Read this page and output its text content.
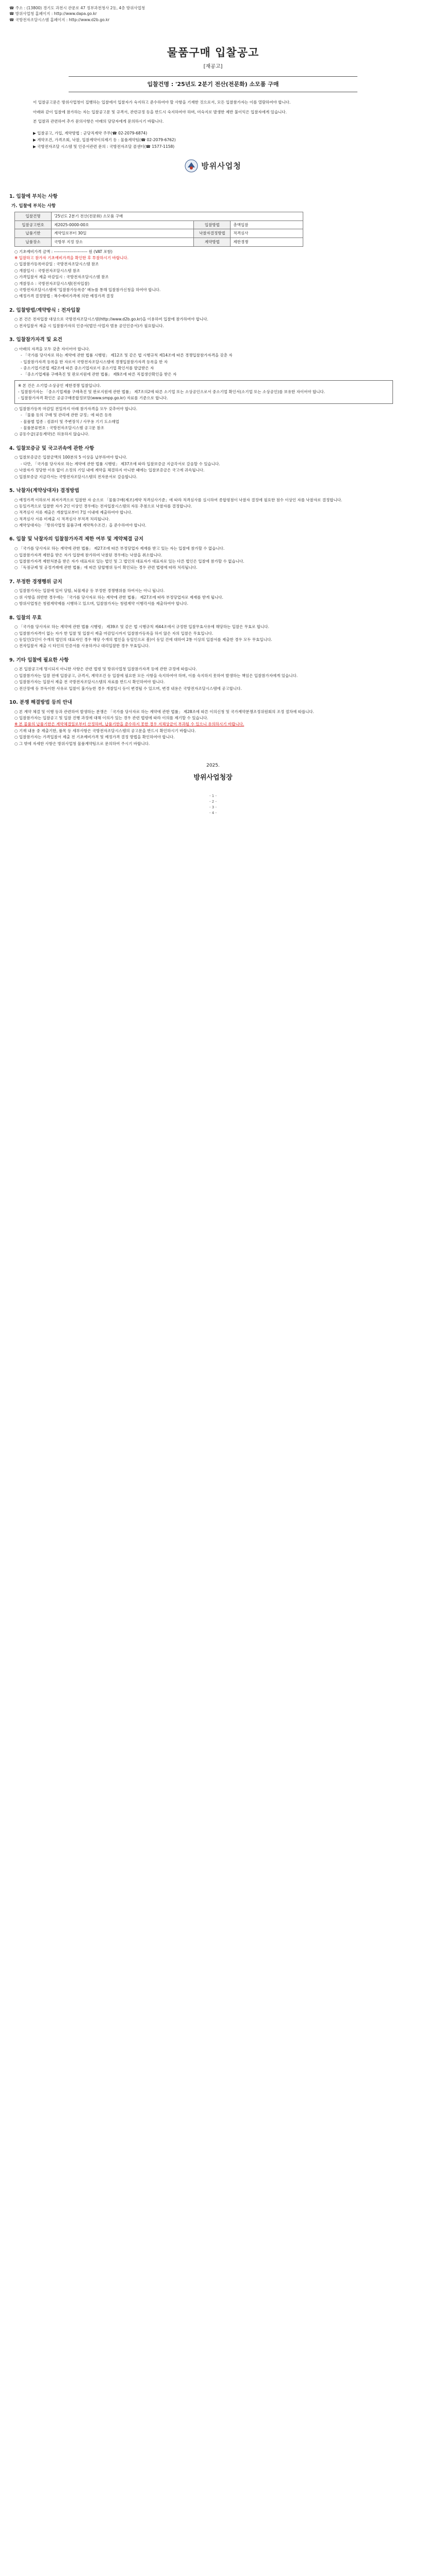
☎ 주소 : (13800) 경기도 과천시 관문로 47 정부과천청사 2동, 4층 방위사업청
☎ 방위사업청 홈페이지 : http://www.dapa.go.kr
☎ 국방전자조달시스템 홈페이지 : http://www.d2b.go.kr
물품구매 입찰공고
[재공고]
입찰건명 : '25년도 2분기 전산(전문화) 소모품 구매

이 입찰공고문은 방위사업청이 집행하는 입찰에서 입찰자가 숙지하고 준수하여야 할 사항을 기재한 것으로서, 모든 입찰참가자는 이를 열람하여야 합니다.

아래와 같이 입찰에 참가하는 자는 입찰공고문 및 규격서, 관련규정 등을 반드시 숙지하여야 하며, 미숙지로 발생한 제반 불이익은 입찰자에게 있습니다.

본 입찰과 관련하여 추가 문의사항은 아래의 담당자에게 문의하시기 바랍니다.

▶ 입찰공고, 가입, 계약방법 : 군당직계약 주무(☎ 02-2079-6874)
▶ 계약조건, 가격조회, 낙찰, 입찰계약이의제기 등 : 물품계약팀(☎ 02-2079-6762)
▶ 국방전자조달 시스템 및 인증서관련 문의 : 국방전자조달 콜센터(☎ 1577-1158)
방위사업청
1. 입찰에 부치는 사항
가. 입찰에 부치는 사항
입찰건명	'25년도 2분기 전산(전문화) 소모품 구매		
입찰공고번호	제2025-0000-00호	입찰방법	총액입찰
납품기한	계약일로부터 30일	낙찰자결정방법	적격심사
납품장소	국방부 지정 장소	계약방법	제한경쟁
○ 기초예비가격 금액 : ------------------------ 원 (VAT 포함)
※ 입찰하고 참가자 기초예비가격을 확인한 후 투찰하시기 바랍니다.
○ 입찰참가등록마감일 : 국방전자조달시스템 참조
○ 개찰일시 : 국방전자조달시스템 참조
○ 가격입찰서 제출 마감일시 : 국방전자조달시스템 참조
○ 개찰장소 : 국방전자조달시스템(전자입찰)
○ 국방전자조달시스템에 '입찰참가등록증' 메뉴를 통해 입찰참가신청을 하여야 합니다.
○ 예정가격 결정방법 : 복수예비가격에 의한 예정가격 결정
2. 입찰방법/계약방식 : 전자입찰
○ 본 건은 전자입찰 대상으로 국방전자조달시스템(http://www.d2b.go.kr)을 이용하여 입찰에 참가하여야 합니다.
○ 전자입찰서 제출 시 입찰참가자의 인증서(법인·사업자 범용 공인인증서)가 필요합니다.
3. 입찰참가자격 및 요건
○ 아래의 자격을 모두 갖춘 자이어야 합니다.
- 「국가를 당사자로 하는 계약에 관한 법률 시행령」 제12조 및 같은 법 시행규칙 제14조에 따른 경쟁입찰참가자격을 갖춘 자
- 입찰참가자격 등록을 한 자로서 국방전자조달시스템에 경쟁입찰참가자격 등록을 한 자
- 중소기업기본법 제2조에 따른 중소기업자로서 중소기업 확인서를 발급받은 자
- 「중소기업제품 구매촉진 및 판로지원에 관한 법률」 제9조에 따른 직접생산확인을 받은 자
※ 본 건은 소기업·소상공인 제한경쟁 입찰입니다.
- 입찰참가자는 「중소기업제품 구매촉진 및 판로지원에 관한 법률」 제7조의2에 따른 소기업 또는 소상공인으로서 중소기업 확인서(소기업 또는 소상공인)를 보유한 자이어야 합니다.
- 입찰참가자격 확인은 공공구매종합정보망(www.smpp.go.kr) 자료를 기준으로 합니다.
○ 입찰참가등록 마감일 전일까지 아래 참가자격을 모두 갖추어야 합니다.
- 「물품 등의 구매 및 관리에 관한 규정」에 따른 등록
- 물품별 업종 : 컴퓨터 및 주변장치 / 사무용 기기 도소매업
- 물품분류번호 : 국방전자조달시스템 공고문 참조
○ 공동수급(공동계약)은 허용하지 않습니다.
4. 입찰보증금 및 국고귀속에 관한 사항
○ 입찰보증금은 입찰금액의 100분의 5 이상을 납부하여야 합니다.
- 다만, 「국가를 당사자로 하는 계약에 관한 법률 시행령」 제37조에 따라 입찰보증금 지급각서로 갈음할 수 있습니다.
○ 낙찰자가 정당한 이유 없이 소정의 기일 내에 계약을 체결하지 아니한 때에는 입찰보증금은 국고에 귀속됩니다.
○ 입찰보증금 지급각서는 국방전자조달시스템의 전자문서로 갈음합니다.
5. 낙찰자(계약상대자) 결정방법
○ 예정가격 이하로서 최저가격으로 입찰한 자 순으로 「물품구매(제조)계약 적격심사기준」에 따라 적격심사를 실시하여 종합평점이 낙찰자 결정에 필요한 점수 이상인 자를 낙찰자로 결정합니다.
○ 동일가격으로 입찰한 자가 2인 이상인 경우에는 전자입찰시스템의 자동 추첨으로 낙찰자를 결정합니다.
○ 적격심사 서류 제출은 개찰일로부터 7일 이내에 제출하여야 합니다.
○ 적격심사 서류 미제출 시 적격심사 부적격 처리됩니다.
○ 계약상대자는 「방위사업청 물품구매 계약특수조건」을 준수하여야 합니다.
6. 입찰 및 낙찰자의 입찰참가자격 제한 여부 및 계약체결 금지
○ 「국가를 당사자로 하는 계약에 관한 법률」 제27조에 따른 부정당업자 제재를 받고 있는 자는 입찰에 참가할 수 없습니다.
○ 입찰참가자격 제한을 받은 자가 입찰에 참가하여 낙찰된 경우에는 낙찰을 취소합니다.
○ 입찰참가자격 제한처분을 받은 자가 대표자로 있는 법인 및 그 법인의 대표자가 대표자로 있는 다른 법인은 입찰에 참가할 수 없습니다.
○ 「독점규제 및 공정거래에 관한 법률」에 따른 담합행위 등이 확인되는 경우 관련 법령에 따라 처리됩니다.
7. 부정한 경쟁행위 금지
○ 입찰참가자는 입찰에 있어 담합, 뇌물제공 등 부정한 경쟁행위를 하여서는 아니 됩니다.
○ 위 사항을 위반한 경우에는 「국가를 당사자로 하는 계약에 관한 법률」 제27조에 따라 부정당업자로 제재를 받게 됩니다.
○ 방위사업청은 청렴계약제를 시행하고 있으며, 입찰참가자는 청렴계약 이행각서를 제출하여야 합니다.
8. 입찰의 무효
○ 「국가를 당사자로 하는 계약에 관한 법률 시행령」 제39조 및 같은 법 시행규칙 제44조에서 규정한 입찰무효사유에 해당하는 입찰은 무효로 합니다.
○ 입찰참가자격이 없는 자가 한 입찰 및 입찰서 제출 마감일시까지 입찰참가등록을 하지 않은 자의 입찰은 무효입니다.
○ 동일인(1인이 수개의 법인의 대표자인 경우 해당 수개의 법인을 동일인으로 봄)이 동일 건에 대하여 2통 이상의 입찰서를 제출한 경우 모두 무효입니다.
○ 전자입찰서 제출 시 타인의 인증서를 사용하거나 대리입찰한 경우 무효입니다.
9. 기타 입찰에 필요한 사항
○ 본 입찰공고에 명시되지 아니한 사항은 관련 법령 및 방위사업청 입찰참가자격 등에 관한 규정에 따릅니다.
○ 입찰참가자는 입찰 전에 입찰공고, 규격서, 계약조건 등 입찰에 필요한 모든 사항을 숙지하여야 하며, 이를 숙지하지 못하여 발생하는 책임은 입찰참가자에게 있습니다.
○ 입찰참가자는 입찰서 제출 전 국방전자조달시스템의 자료를 반드시 확인하여야 합니다.
○ 전산장애 등 부득이한 사유로 입찰이 불가능한 경우 개찰일시 등이 변경될 수 있으며, 변경 내용은 국방전자조달시스템에 공고합니다.
10. 분쟁 해결방법 등의 안내
○ 본 계약 체결 및 이행 등과 관련하여 발생하는 분쟁은 「국가를 당사자로 하는 계약에 관한 법률」 제28조에 따른 이의신청 및 국가계약분쟁조정위원회의 조정 절차에 따릅니다.
○ 입찰참가자는 입찰공고 및 입찰 진행 과정에 대해 이의가 있는 경우 관련 법령에 따라 이의를 제기할 수 있습니다.
※ 본 물품의 납품기한은 계약체결일로부터 산정하며, 납품기한을 준수하지 못한 경우 지체상금이 부과될 수 있으니 유의하시기 바랍니다.
○ 기재 내용 중 제출기한, 품목 등 세부사항은 국방전자조달시스템의 공고문을 반드시 확인하시기 바랍니다.
○ 입찰참가자는 가격입찰서 제출 전 기초예비가격 및 예정가격 결정 방법을 확인하여야 합니다.
○ 그 밖에 자세한 사항은 방위사업청 물품계약팀으로 문의하여 주시기 바랍니다.
2025.
방위사업청장
- 1 -
- 2 -
- 3 -
- 4 -
